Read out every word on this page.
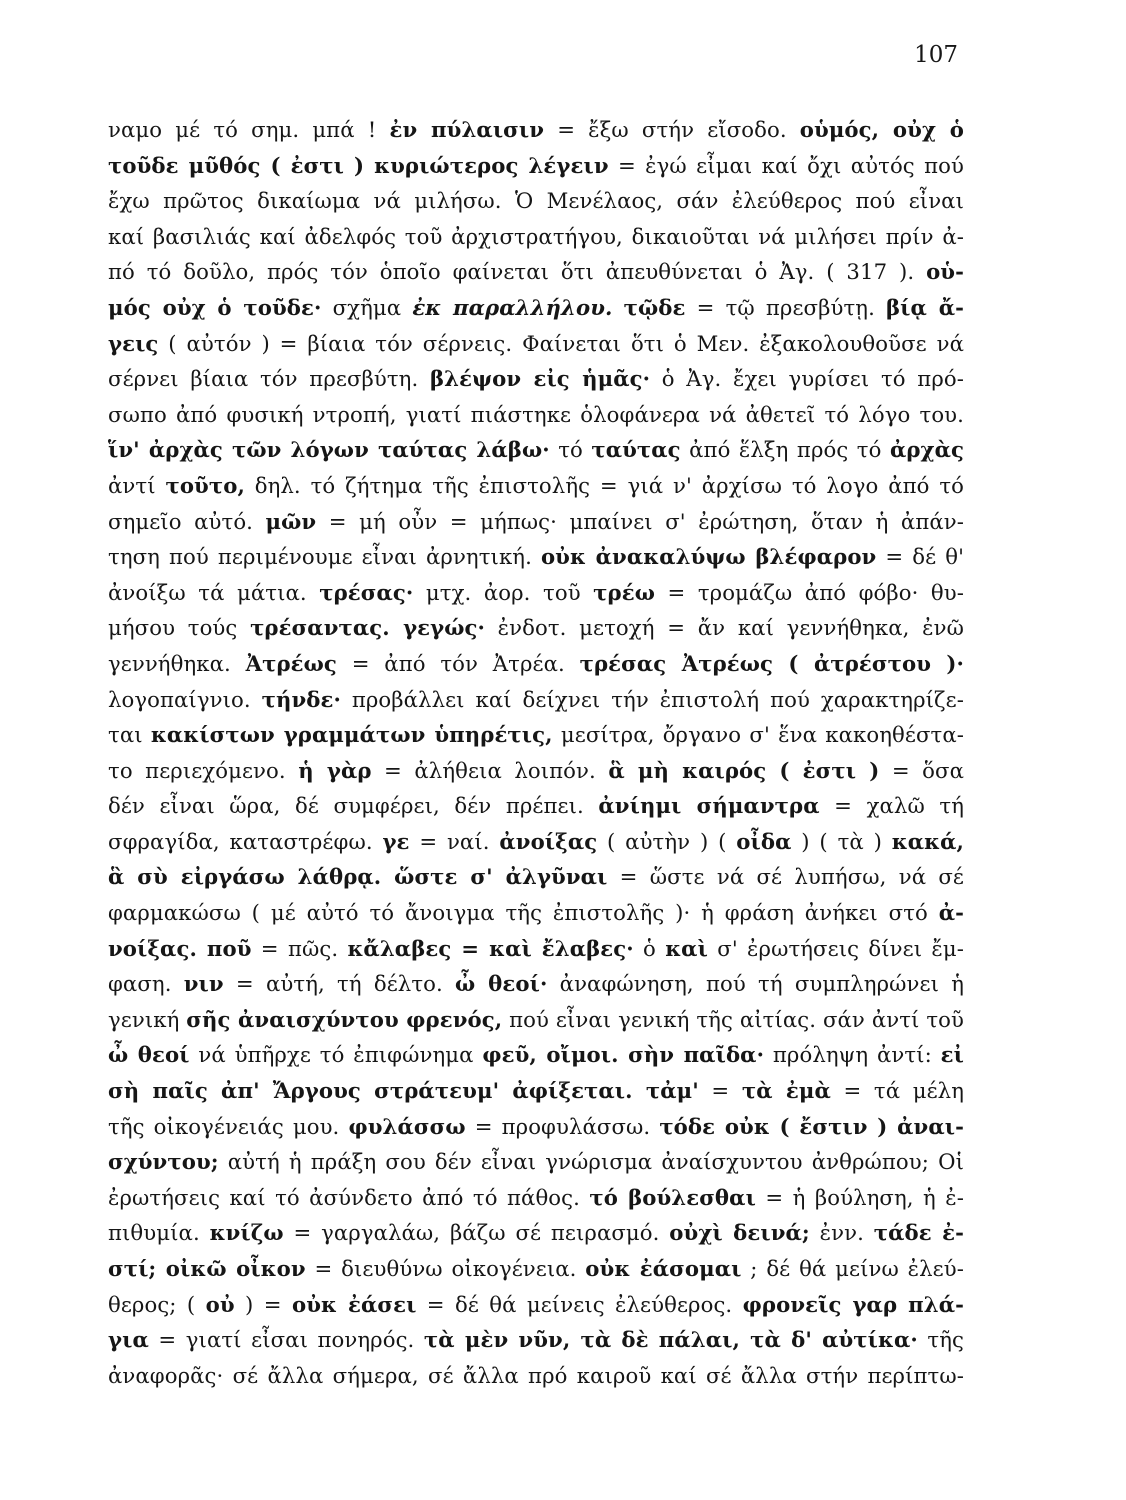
107
ναμο μέ τό σημ. μπά ! ἐν πύλαισιν = ἔξω στήν εἴσοδο. οὑμός, οὐχ ὁ
τοῦδε μῦθός ( ἐστι ) κυριώτερος λέγειν = ἐγώ εἶμαι καί ὄχι αὐτός πού
ἔχω πρῶτος δικαίωμα νά μιλήσω. Ὁ Μενέλαος, σάν ἐλεύθερος πού εἶναι
καί βασιλιάς καί ἀδελφός τοῦ ἀρχιστρατήγου, δικαιοῦται νά μιλήσει πρίν ἀ-
πό τό δοῦλο, πρός τόν ὁποῖο φαίνεται ὅτι ἀπευθύνεται ὁ Ἀγ. ( 317 ). οὑ-
μός οὐχ ὁ τοῦδε· σχῆμα ἐκ παραλλήλου. τῷδε = τῷ πρεσβύτῃ. βίᾳ ἄ-
γεις ( αὐτόν ) = βίαια τόν σέρνεις. Φαίνεται ὅτι ὁ Μεν. ἐξακολουθοῦσε νά
σέρνει βίαια τόν πρεσβύτη. βλέψον εἰς ἡμᾶς· ὁ Ἀγ. ἔχει γυρίσει τό πρό-
σωπο ἀπό φυσική ντροπή, γιατί πιάστηκε ὁλοφάνερα νά ἀθετεῖ τό λόγο του.
ἵν' ἀρχὰς τῶν λόγων ταύτας λάβω· τό ταύτας ἀπό ἕλξη πρός τό ἀρχὰς
ἀντί τοῦτο, δηλ. τό ζήτημα τῆς ἐπιστολῆς = γιά ν' ἀρχίσω τό λογο ἀπό τό
σημεῖο αὐτό. μῶν = μή οὖν = μήπως· μπαίνει σ' ἐρώτηση, ὅταν ἡ ἀπάν-
τηση πού περιμένουμε εἶναι ἀρνητική. οὐκ ἀνακαλύψω βλέφαρον = δέ θ'
ἀνοίξω τά μάτια. τρέσας· μτχ. ἀορ. τοῦ τρέω = τρομάζω ἀπό φόβο· θυ-
μήσου τούς τρέσαντας. γεγώς· ἐνδοτ. μετοχή = ἄν καί γεννήθηκα, ἐνῶ
γεννήθηκα. Ἀτρέως = ἀπό τόν Ἀτρέα. τρέσας Ἀτρέως ( ἀτρέστου )·
λογοπαίγνιο. τήνδε· προβάλλει καί δείχνει τήν ἐπιστολή πού χαρακτηρίζε-
ται κακίστων γραμμάτων ὑπηρέτις, μεσίτρα, ὄργανο σ' ἕνα κακοηθέστα-
το περιεχόμενο. ἡ γὰρ = ἀλήθεια λοιπόν. ἃ μὴ καιρός ( ἐστι ) = ὅσα
δέν εἶναι ὥρα, δέ συμφέρει, δέν πρέπει. ἀνίημι σήμαντρα = χαλῶ τή
σφραγίδα, καταστρέφω. γε = ναί. ἀνοίξας ( αὐτὴν ) ( οἶδα ) ( τὰ ) κακά,
ἃ σὺ εἰργάσω λάθρᾳ. ὥστε σ' ἀλγῦναι = ὥστε νά σέ λυπήσω, νά σέ
φαρμακώσω ( μέ αὐτό τό ἄνοιγμα τῆς ἐπιστολῆς )· ἡ φράση ἀνήκει στό ἀ-
νοίξας. ποῦ = πῶς. κἄλαβες = καὶ ἔλαβες· ὁ καὶ σ' ἐρωτήσεις δίνει ἔμ-
φαση. νιν = αὐτή, τή δέλτο. ὦ θεοί· ἀναφώνηση, πού τή συμπληρώνει ἡ
γενική σῆς ἀναισχύντου φρενός, πού εἶναι γενική τῆς αἰτίας. σάν ἀντί τοῦ
ὦ θεοί νά ὑπῆρχε τό ἐπιφώνημα φεῦ, οἴμοι. σὴν παῖδα· πρόληψη ἀντί: εἰ
σὴ παῖς ἀπ' Ἄργους στράτευμ' ἀφίξεται. τἀμ' = τὰ ἐμὰ = τά μέλη
τῆς οἰκογένειάς μου. φυλάσσω = προφυλάσσω. τόδε οὐκ ( ἔστιν ) ἀναι-
σχύντου; αὐτή ἡ πράξη σου δέν εἶναι γνώρισμα ἀναίσχυντου ἀνθρώπου; Οἱ
ἐρωτήσεις καί τό ἀσύνδετο ἀπό τό πάθος. τό βούλεσθαι = ἡ βούληση, ἡ ἐ-
πιθυμία. κνίζω = γαργαλάω, βάζω σέ πειρασμό. οὐχὶ δεινά; ἐνν. τάδε ἐ-
στί; οἰκῶ οἶκον = διευθύνω οἰκογένεια. οὐκ ἐάσομαι ; δέ θά μείνω ἐλεύ-
θερος; ( οὐ ) = οὐκ ἐάσει = δέ θά μείνεις ἐλεύθερος. φρονεῖς γαρ πλά-
για = γιατί εἶσαι πονηρός. τὰ μὲν νῦν, τὰ δὲ πάλαι, τὰ δ' αὐτίκα· τῆς
ἀναφορᾶς· σέ ἄλλα σήμερα, σέ ἄλλα πρό καιροῦ καί σέ ἄλλα στήν περίπτω-
